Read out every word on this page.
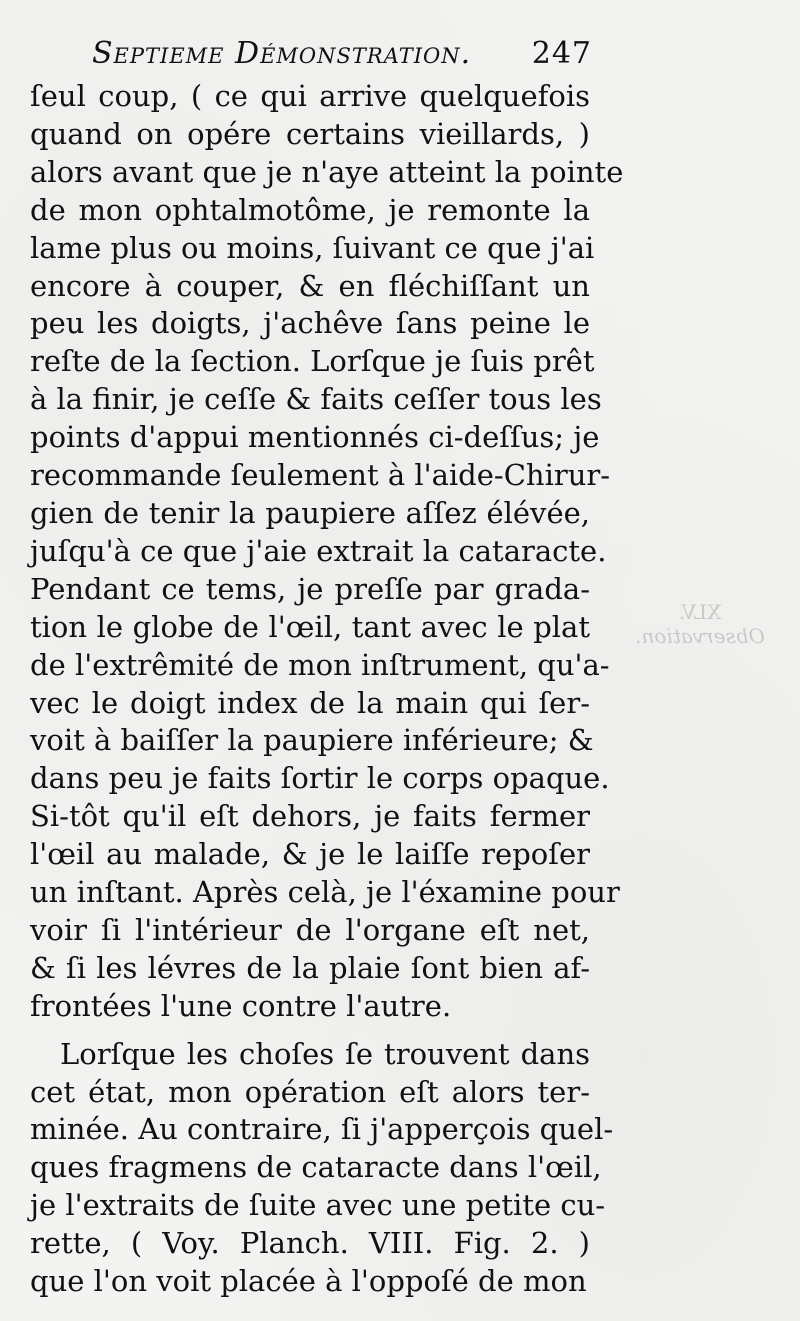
Septieme Démonstration. 247
ſeul coup, ( ce qui arrive quelquefois
quand on opére certains vieillards, )
alors avant que je n'aye atteint la pointe
de mon ophtalmotôme, je remonte la
lame plus ou moins, ſuivant ce que j'ai
encore à couper, & en fléchiſſant un
peu les doigts, j'achêve ſans peine le
reſte de la ſection. Lorſque je ſuis prêt
à la finir, je ceſſe & faits ceſſer tous les
points d'appui mentionnés ci-deſſus; je
recommande ſeulement à l'aide-Chirur-
gien de tenir la paupiere aſſez élévée,
juſqu'à ce que j'aie extrait la cataracte.
Pendant ce tems, je preſſe par grada-
tion le globe de l'œil, tant avec le plat
de l'extrêmité de mon inſtrument, qu'a-
vec le doigt index de la main qui ſer-
voit à baiſſer la paupiere inférieure; &
dans peu je faits ſortir le corps opaque.
Si-tôt qu'il eſt dehors, je faits fermer
l'œil au malade, & je le laiſſe repoſer
un inſtant. Après celà, je l'éxamine pour
voir ſi l'intérieur de l'organe eſt net,
& ſi les lévres de la plaie ſont bien af-
frontées l'une contre l'autre.
Lorſque les choſes ſe trouvent dans
cet état, mon opération eſt alors ter-
minée. Au contraire, ſi j'apperçois quel-
ques fragmens de cataracte dans l'œil,
je l'extraits de ſuite avec une petite cu-
rette, ( Voy. Planch. VIII. Fig. 2. )
que l'on voit placée à l'oppoſé de mon
XLV.
Observation.
